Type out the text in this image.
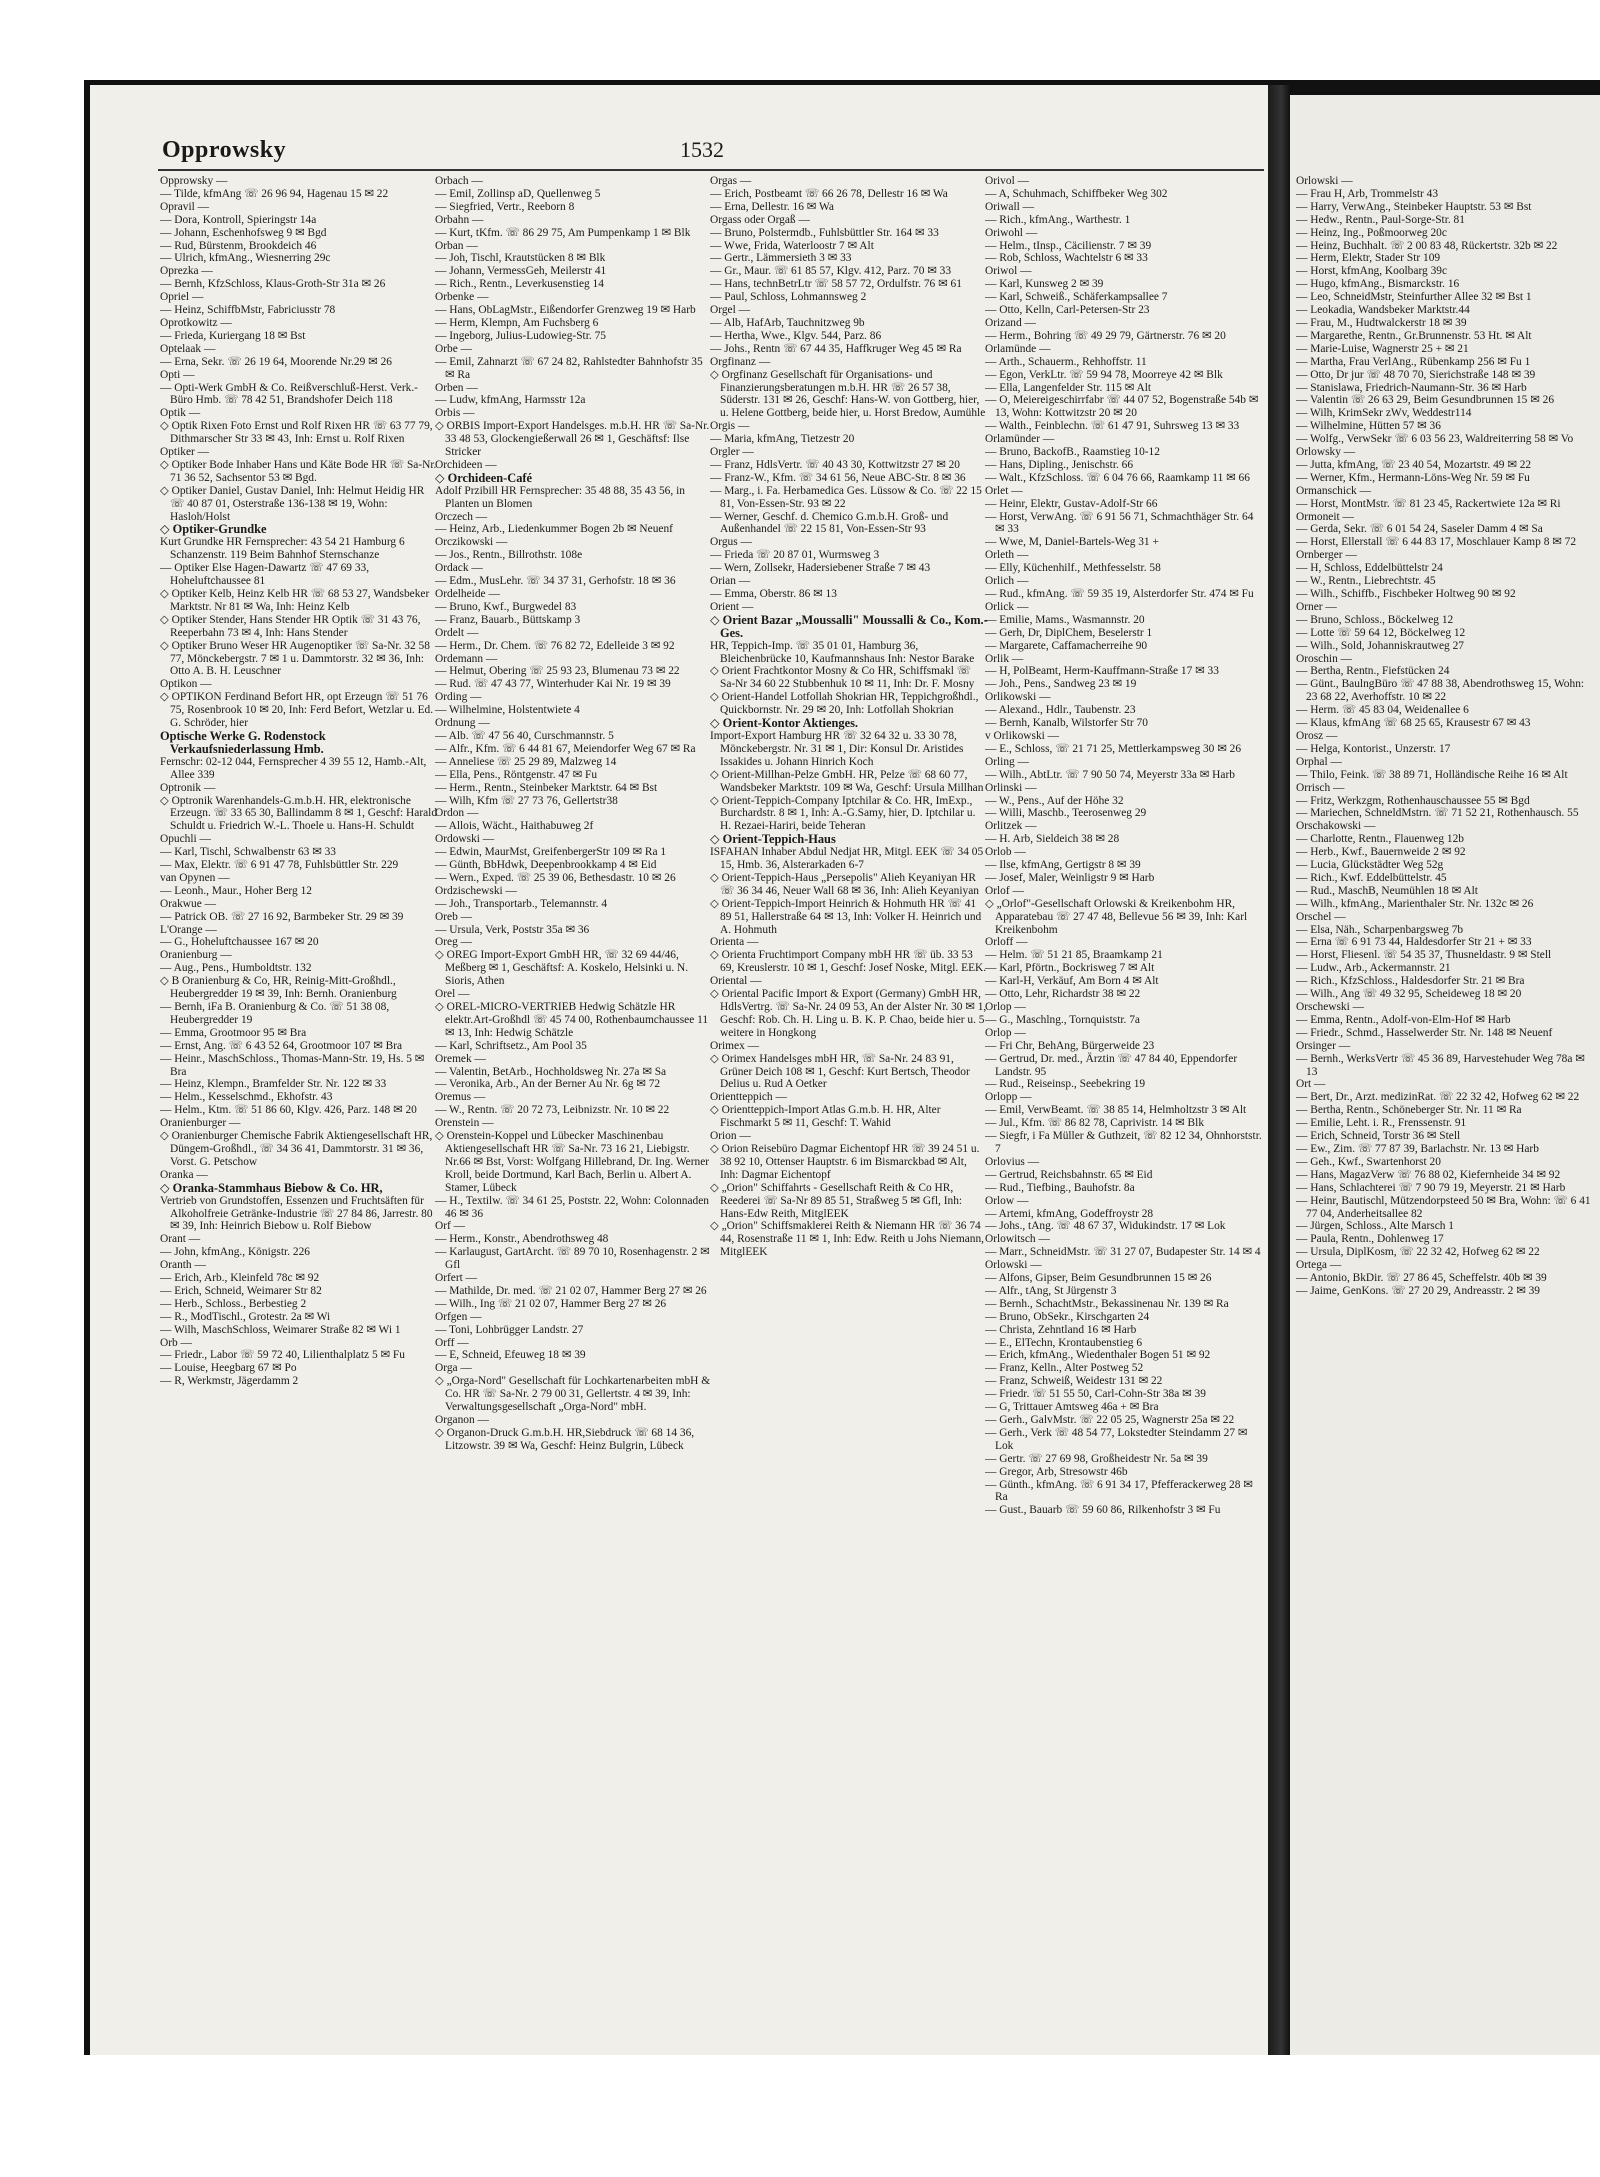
Opprowsky	1532

Opprowsky —

— Tilde, kfmAng ☏ 26 96 94, Hagenau 15 ✉ 22

Opravil —

— Dora, Kontroll, Spieringstr 14a

— Johann, Eschenhofsweg 9 ✉ Bgd

— Rud, Bürstenm, Brookdeich 46

— Ulrich, kfmAng., Wiesnerring 29c

Oprezka —

— Bernh, KfzSchloss, Klaus-Groth-Str 31a ✉ 26

Opriel —

— Heinz, SchiffbMstr, Fabriciusstr 78

Oprotkowitz —

— Frieda, Kuriergang 18 ✉ Bst

Optelaak —

— Erna, Sekr. ☏ 26 19 64, Moorende Nr.29 ✉ 26

Opti —

— Opti-Werk GmbH & Co. Reißverschluß-Herst. Verk.-Büro Hmb. ☏ 78 42 51, Brandshofer Deich 118

Optik —

◇ Optik Rixen Foto Ernst und Rolf Rixen HR ☏ 63 77 79, Dithmarscher Str 33 ✉ 43, Inh: Ernst u. Rolf Rixen

Optiker —

◇ Optiker Bode Inhaber Hans und Käte Bode HR ☏ Sa-Nr. 71 36 52, Sachsentor 53 ✉ Bgd.

◇ Optiker Daniel, Gustav Daniel, Inh: Helmut Heidig HR ☏ 40 87 01, Osterstraße 136-138 ✉ 19, Wohn: Hasloh/Holst

◇ Optiker-Grundke

Kurt Grundke HR Fernsprecher: 43 54 21 Hamburg 6 Schanzenstr. 119 Beim Bahnhof Sternschanze

— Optiker Else Hagen-Dawartz ☏ 47 69 33, Hoheluftchaussee 81

◇ Optiker Kelb, Heinz Kelb HR ☏ 68 53 27, Wandsbeker Marktstr. Nr 81 ✉ Wa, Inh: Heinz Kelb

◇ Optiker Stender, Hans Stender HR Optik ☏ 31 43 76, Reeperbahn 73 ✉ 4, Inh: Hans Stender

◇ Optiker Bruno Weser HR Augenoptiker ☏ Sa-Nr. 32 58 77, Mönckebergstr. 7 ✉ 1 u. Dammtorstr. 32 ✉ 36, Inh: Otto A. B. H. Leuschner

Optikon —

◇ OPTIKON Ferdinand Befort HR, opt Erzeugn ☏ 51 76 75, Rosenbrook 10 ✉ 20, Inh: Ferd Befort, Wetzlar u. Ed. G. Schröder, hier

Optische Werke G. Rodenstock Verkaufsniederlassung Hmb.

Fernschr: 02-12 044, Fernsprecher 4 39 55 12, Hamb.-Alt, Allee 339

Optronik —

◇ Optronik Warenhandels-G.m.b.H. HR, elektronische Erzeugn. ☏ 33 65 30, Ballindamm 8 ✉ 1, Geschf: Harald Schuldt u. Friedrich W.-L. Thoele u. Hans-H. Schuldt

Opuchli —

— Karl, Tischl, Schwalbenstr 63 ✉ 33

— Max, Elektr. ☏ 6 91 47 78, Fuhlsbüttler Str. 229

van Opynen —

— Leonh., Maur., Hoher Berg 12

Orakwue —

— Patrick OB. ☏ 27 16 92, Barmbeker Str. 29 ✉ 39

L'Orange —

— G., Hoheluftchaussee 167 ✉ 20

Oranienburg —

— Aug., Pens., Humboldtstr. 132

◇ B Oranienburg & Co, HR, Reinig-Mitt-Großhdl., Heubergredder 19 ✉ 39, Inh: Bernh. Oranienburg

— Bernh, iFa B. Oranienburg & Co. ☏ 51 38 08, Heubergredder 19

— Emma, Grootmoor 95 ✉ Bra

— Ernst, Ang. ☏ 6 43 52 64, Grootmoor 107 ✉ Bra

— Heinr., MaschSchloss., Thomas-Mann-Str. 19, Hs. 5 ✉ Bra

— Heinz, Klempn., Bramfelder Str. Nr. 122 ✉ 33

— Helm., Kesselschmd., Ekhofstr. 43

— Helm., Ktm. ☏ 51 86 60, Klgv. 426, Parz. 148 ✉ 20

Oranienburger —

◇ Oranienburger Chemische Fabrik Aktiengesellschaft HR, Düngem-Großhdl., ☏ 34 36 41, Dammtorstr. 31 ✉ 36, Vorst. G. Petschow

Oranka —

◇ Oranka-Stammhaus Biebow & Co. HR,

Vertrieb von Grundstoffen, Essenzen und Fruchtsäften für Alkoholfreie Getränke-Industrie ☏ 27 84 86, Jarrestr. 80 ✉ 39, Inh: Heinrich Biebow u. Rolf Biebow

Orant —

— John, kfmAng., Königstr. 226

Oranth —

— Erich, Arb., Kleinfeld 78c ✉ 92

— Erich, Schneid, Weimarer Str 82

— Herb., Schloss., Berbestieg 2

— R., ModTischl., Grotestr. 2a ✉ Wi

— Wilh, MaschSchloss, Weimarer Straße 82 ✉ Wi 1

Orb —

— Friedr., Labor ☏ 59 72 40, Lilienthalplatz 5 ✉ Fu

— Louise, Heegbarg 67 ✉ Po

— R, Werkmstr, Jägerdamm 2

Orbach —

— Emil, Zollinsp aD, Quellenweg 5

— Siegfried, Vertr., Reeborn 8

Orbahn —

— Kurt, tKfm. ☏ 86 29 75, Am Pumpenkamp 1 ✉ Blk

Orban —

— Joh, Tischl, Krautstücken 8 ✉ Blk

— Johann, VermessGeh, Meilerstr 41

— Rich., Rentn., Leverkusenstieg 14

Orbenke —

— Hans, ObLagMstr., Eißendorfer Grenzweg 19 ✉ Harb

— Herm, Klempn, Am Fuchsberg 6

— Ingeborg, Julius-Ludowieg-Str. 75

Orbe —

— Emil, Zahnarzt ☏ 67 24 82, Rahlstedter Bahnhofstr 35 ✉ Ra

Orben —

— Ludw, kfmAng, Harmsstr 12a

Orbis —

◇ ORBIS Import-Export Handelsges. m.b.H. HR ☏ Sa-Nr. 33 48 53, Glockengießerwall 26 ✉ 1, Geschäftsf: Ilse Stricker

Orchideen —

◇ Orchideen-Café

Adolf Przibill HR Fernsprecher: 35 48 88, 35 43 56, in Planten un Blomen

Orczech —

— Heinz, Arb., Liedenkummer Bogen 2b ✉ Neuenf

Orczikowski —

— Jos., Rentn., Billrothstr. 108e

Ordack —

— Edm., MusLehr. ☏ 34 37 31, Gerhofstr. 18 ✉ 36

Ordelheide —

— Bruno, Kwf., Burgwedel 83

— Franz, Bauarb., Büttskamp 3

Ordelt —

— Herm., Dr. Chem. ☏ 76 82 72, Edelleide 3 ✉ 92

Ordemann —

— Helmut, Obering ☏ 25 93 23, Blumenau 73 ✉ 22

— Rud. ☏ 47 43 77, Winterhuder Kai Nr. 19 ✉ 39

Ording —

— Wilhelmine, Holstentwiete 4

Ordnung —

— Alb. ☏ 47 56 40, Curschmannstr. 5

— Alfr., Kfm. ☏ 6 44 81 67, Meiendorfer Weg 67 ✉ Ra

— Anneliese ☏ 25 29 89, Malzweg 14

— Ella, Pens., Röntgenstr. 47 ✉ Fu

— Herm., Rentn., Steinbeker Marktstr. 64 ✉ Bst

— Wilh, Kfm ☏ 27 73 76, Gellertstr38

Ordon —

— Allois, Wächt., Haithabuweg 2f

Ordowski —

— Edwin, MaurMst, GreifenbergerStr 109 ✉ Ra 1

— Günth, BbHdwk, Deepenbrookkamp 4 ✉ Eid

— Wern., Exped. ☏ 25 39 06, Bethesdastr. 10 ✉ 26

Ordzischewski —

— Joh., Transportarb., Telemannstr. 4

Oreb —

— Ursula, Verk, Poststr 35a ✉ 36

Oreg —

◇ OREG Import-Export GmbH HR, ☏ 32 69 44/46, Meßberg ✉ 1, Geschäftsf: A. Koskelo, Helsinki u. N. Sioris, Athen

Orel —

◇ OREL-MICRO-VERTRIEB Hedwig Schätzle HR elektr.Art-Großhdl ☏ 45 74 00, Rothenbaumchaussee 11 ✉ 13, Inh: Hedwig Schätzle

— Karl, Schriftsetz., Am Pool 35

Oremek —

— Valentin, BetArb., Hochholdsweg Nr. 27a ✉ Sa

— Veronika, Arb., An der Berner Au Nr. 6g ✉ 72

Oremus —

— W., Rentn. ☏ 20 72 73, Leibnizstr. Nr. 10 ✉ 22

Orenstein —

◇ Orenstein-Koppel und Lübecker Maschinenbau Aktiengesellschaft HR ☏ Sa-Nr. 73 16 21, Liebigstr. Nr.66 ✉ Bst, Vorst: Wolfgang Hillebrand, Dr. Ing. Werner Kroll, beide Dortmund, Karl Bach, Berlin u. Albert A. Stamer, Lübeck

— H., Textilw. ☏ 34 61 25, Poststr. 22, Wohn: Colonnaden 46 ✉ 36

Orf —

— Herm., Konstr., Abendrothsweg 48

— Karlaugust, GartArcht. ☏ 89 70 10, Rosenhagenstr. 2 ✉ Gfl

Orfert —

— Mathilde, Dr. med. ☏ 21 02 07, Hammer Berg 27 ✉ 26

— Wilh., Ing ☏ 21 02 07, Hammer Berg 27 ✉ 26

Orfgen —

— Toni, Lohbrügger Landstr. 27

Orff —

— E, Schneid, Efeuweg 18 ✉ 39

Orga —

◇ „Orga-Nord" Gesellschaft für Lochkartenarbeiten mbH & Co. HR ☏ Sa-Nr. 2 79 00 31, Gellertstr. 4 ✉ 39, Inh: Verwaltungsgesellschaft „Orga-Nord" mbH.

Organon —

◇ Organon-Druck G.m.b.H. HR,Siebdruck ☏ 68 14 36, Litzowstr. 39 ✉ Wa, Geschf: Heinz Bulgrin, Lübeck

Orgas —

— Erich, Postbeamt ☏ 66 26 78, Dellestr 16 ✉ Wa

— Erna, Dellestr. 16 ✉ Wa

Orgass oder Orgaß —

— Bruno, Polstermdb., Fuhlsbüttler Str. 164 ✉ 33

— Wwe, Frida, Waterloostr 7 ✉ Alt

— Gertr., Lämmersieth 3 ✉ 33

— Gr., Maur. ☏ 61 85 57, Klgv. 412, Parz. 70 ✉ 33

— Hans, technBetrLtr ☏ 58 57 72, Ordulfstr. 76 ✉ 61

— Paul, Schloss, Lohmannsweg 2

Orgel —

— Alb, HafArb, Tauchnitzweg 9b

— Hertha, Wwe., Klgv. 544, Parz. 86

— Johs., Rentn ☏ 67 44 35, Haffkruger Weg 45 ✉ Ra

Orgfinanz —

◇ Orgfinanz Gesellschaft für Organisations- und Finanzierungsberatungen m.b.H. HR ☏ 26 57 38, Süderstr. 131 ✉ 26, Geschf: Hans-W. von Gottberg, hier, u. Helene Gottberg, beide hier, u. Horst Bredow, Aumühle

Orgis —

— Maria, kfmAng, Tietzestr 20

Orgler —

— Franz, HdlsVertr. ☏ 40 43 30, Kottwitzstr 27 ✉ 20

— Franz-W., Kfm. ☏ 34 61 56, Neue ABC-Str. 8 ✉ 36

— Marg., i. Fa. Herbamedica Ges. Lüssow & Co. ☏ 22 15 81, Von-Essen-Str. 93 ✉ 22

— Werner, Geschf. d. Chemico G.m.b.H. Groß- und Außenhandel ☏ 22 15 81, Von-Essen-Str 93

Orgus —

— Frieda ☏ 20 87 01, Wurmsweg 3

— Wern, Zollsekr, Hadersiebener Straße 7 ✉ 43

Orian —

— Emma, Oberstr. 86 ✉ 13

Orient —

◇ Orient Bazar „Moussalli" Moussalli & Co., Kom.-Ges.

HR, Teppich-Imp. ☏ 35 01 01, Hamburg 36, Bleichenbrücke 10, Kaufmannshaus Inh: Nestor Barake

◇ Orient Frachtkontor Mosny & Co HR, Schiffsmakl ☏ Sa-Nr 34 60 22 Stubbenhuk 10 ✉ 11, Inh: Dr. F. Mosny

◇ Orient-Handel Lotfollah Shokrian HR, Teppichgroßhdl., Quickbornstr. Nr. 29 ✉ 20, Inh: Lotfollah Shokrian

◇ Orient-Kontor Aktienges.

Import-Export Hamburg HR ☏ 32 64 32 u. 33 30 78, Mönckebergstr. Nr. 31 ✉ 1, Dir: Konsul Dr. Aristides Issakides u. Johann Hinrich Koch

◇ Orient-Millhan-Pelze GmbH. HR, Pelze ☏ 68 60 77, Wandsbeker Marktstr. 109 ✉ Wa, Geschf: Ursula Millhan

◇ Orient-Teppich-Company Iptchilar & Co. HR, ImExp., Burchardstr. 8 ✉ 1, Inh: A.-G.Samy, hier, D. Iptchilar u. H. Rezaei-Hariri, beide Teheran

◇ Orient-Teppich-Haus

ISFAHAN Inhaber Abdul Nedjat HR, Mitgl. EEK ☏ 34 05 15, Hmb. 36, Alsterarkaden 6-7

◇ Orient-Teppich-Haus „Persepolis" Alieh Keyaniyan HR ☏ 36 34 46, Neuer Wall 68 ✉ 36, Inh: Alieh Keyaniyan

◇ Orient-Teppich-Import Heinrich & Hohmuth HR ☏ 41 89 51, Hallerstraße 64 ✉ 13, Inh: Volker H. Heinrich und A. Hohmuth

Orienta —

◇ Orienta Fruchtimport Company mbH HR ☏ üb. 33 53 69, Kreuslerstr. 10 ✉ 1, Geschf: Josef Noske, Mitgl. EEK.

Oriental —

◇ Oriental Pacific Import & Export (Germany) GmbH HR, HdlsVertrg. ☏ Sa-Nr. 24 09 53, An der Alster Nr. 30 ✉ 1, Geschf: Rob. Ch. H. Ling u. B. K. P. Chao, beide hier u. 5 weitere in Hongkong

Orimex —

◇ Orimex Handelsges mbH HR, ☏ Sa-Nr. 24 83 91, Grüner Deich 108 ✉ 1, Geschf: Kurt Bertsch, Theodor Delius u. Rud A Oetker

Orientteppich —

◇ Orientteppich-Import Atlas G.m.b. H. HR, Alter Fischmarkt 5 ✉ 11, Geschf: T. Wahid

Orion —

◇ Orion Reisebüro Dagmar Eichentopf HR ☏ 39 24 51 u. 38 92 10, Ottenser Hauptstr. 6 im Bismarckbad ✉ Alt, Inh: Dagmar Eichentopf

◇ „Orion" Schiffahrts - Gesellschaft Reith & Co HR, Reederei ☏ Sa-Nr 89 85 51, Straßweg 5 ✉ Gfl, Inh: Hans-Edw Reith, MitglEEK

◇ „Orion" Schiffsmaklerei Reith & Niemann HR ☏ 36 74 44, Rosenstraße 11 ✉ 1, Inh: Edw. Reith u Johs Niemann, MitglEEK

Orivol —

— A, Schuhmach, Schiffbeker Weg 302

Oriwall —

— Rich., kfmAng., Warthestr. 1

Oriwohl —

— Helm., tInsp., Cäcilienstr. 7 ✉ 39

— Rob, Schloss, Wachtelstr 6 ✉ 33

Oriwol —

— Karl, Kunsweg 2 ✉ 39

— Karl, Schweiß., Schäferkampsallee 7

— Otto, Kelln, Carl-Petersen-Str 23

Orizand —

— Herm., Bohring ☏ 49 29 79, Gärtnerstr. 76 ✉ 20

Orlamünde —

— Arth., Schauerm., Rehhoffstr. 11

— Egon, VerkLtr. ☏ 59 94 78, Moorreye 42 ✉ Blk

— Ella, Langenfelder Str. 115 ✉ Alt

— O, Meiereigeschirrfabr ☏ 44 07 52, Bogenstraße 54b ✉ 13, Wohn: Kottwitzstr 20 ✉ 20

— Walth., Feinblechn. ☏ 61 47 91, Suhrsweg 13 ✉ 33

Orlamünder —

— Bruno, BackofB., Raamstieg 10-12

— Hans, Dipling., Jenischstr. 66

— Walt., KfzSchloss. ☏ 6 04 76 66, Raamkamp 11 ✉ 66

Orlet —

— Heinr, Elektr, Gustav-Adolf-Str 66

— Horst, VerwAng. ☏ 6 91 56 71, Schmachthäger Str. 64 ✉ 33

— Wwe, M, Daniel-Bartels-Weg 31 +

Orleth —

— Elly, Küchenhilf., Methfesselstr. 58

Orlich —

— Rud., kfmAng. ☏ 59 35 19, Alsterdorfer Str. 474 ✉ Fu

Orlick —

— Emilie, Mams., Wasmannstr. 20

— Gerh, Dr, DiplChem, Beselerstr 1

— Margarete, Caffamacherreihe 90

Orlik —

— H, PolBeamt, Herm-Kauffmann-Straße 17 ✉ 33

— Joh., Pens., Sandweg 23 ✉ 19

Orlikowski —

— Alexand., Hdlr., Taubenstr. 23

— Bernh, Kanalb, Wilstorfer Str 70

v Orlikowski —

— E., Schloss, ☏ 21 71 25, Mettlerkampsweg 30 ✉ 26

Orling —

— Wilh., AbtLtr. ☏ 7 90 50 74, Meyerstr 33a ✉ Harb

Orlinski —

— W., Pens., Auf der Höhe 32

— Willi, Maschb., Teerosenweg 29

Orlitzek —

— H. Arb, Sieldeich 38 ✉ 28

Orlob —

— Ilse, kfmAng, Gertigstr 8 ✉ 39

— Josef, Maler, Weinligstr 9 ✉ Harb

Orlof —

◇ „Orlof"-Gesellschaft Orlowski & Kreikenbohm HR, Apparatebau ☏ 27 47 48, Bellevue 56 ✉ 39, Inh: Karl Kreikenbohm

Orloff —

— Helm. ☏ 51 21 85, Braamkamp 21

— Karl, Pförtn., Bockrisweg 7 ✉ Alt

— Karl-H, Verkäuf, Am Born 4 ✉ Alt

— Otto, Lehr, Richardstr 38 ✉ 22

Orlop —

— G., Maschlng., Tornquiststr. 7a

Orlop —

— Fri Chr, BehAng, Bürgerweide 23

— Gertrud, Dr. med., Ärztin ☏ 47 84 40, Eppendorfer Landstr. 95

— Rud., Reiseinsp., Seebekring 19

Orlopp —

— Emil, VerwBeamt. ☏ 38 85 14, Helmholtzstr 3 ✉ Alt

— Jul., Kfm. ☏ 86 82 78, Caprivistr. 14 ✉ Blk

— Siegfr, i Fa Müller & Guthzeit, ☏ 82 12 34, Ohnhorststr. 7

Orlovius —

— Gertrud, Reichsbahnstr. 65 ✉ Eid

— Rud., Tiefbing., Bauhofstr. 8a

Orlow —

— Artemi, kfmAng, Godeffroystr 28

— Johs., tAng. ☏ 48 67 37, Widukindstr. 17 ✉ Lok

Orlowitsch —

— Marr., SchneidMstr. ☏ 31 27 07, Budapester Str. 14 ✉ 4

Orlowski —

— Alfons, Gipser, Beim Gesundbrunnen 15 ✉ 26

— Alfr., tAng, St Jürgenstr 3

— Bernh., SchachtMstr., Bekassinenau Nr. 139 ✉ Ra

— Bruno, ObSekr., Kirschgarten 24

— Christa, Zehntland 16 ✉ Harb

— E., ElTechn, Krontaubenstieg 6

— Erich, kfmAng., Wiedenthaler Bogen 51 ✉ 92

— Franz, Kelln., Alter Postweg 52

— Franz, Schweiß, Weidestr 131 ✉ 22

— Friedr. ☏ 51 55 50, Carl-Cohn-Str 38a ✉ 39

— G, Trittauer Amtsweg 46a + ✉ Bra

— Gerh., GalvMstr. ☏ 22 05 25, Wagnerstr 25a ✉ 22

— Gerh., Verk ☏ 48 54 77, Lokstedter Steindamm 27 ✉ Lok

— Gertr. ☏ 27 69 98, Großheidestr Nr. 5a ✉ 39

— Gregor, Arb, Stresowstr 46b

— Günth., kfmAng. ☏ 6 91 34 17, Pfefferackerweg 28 ✉ Ra

— Gust., Bauarb ☏ 59 60 86, Rilkenhofstr 3 ✉ Fu

Orlowski —

— Frau H, Arb, Trommelstr 43

— Harry, VerwAng., Steinbeker Hauptstr. 53 ✉ Bst

— Hedw., Rentn., Paul-Sorge-Str. 81

— Heinz, Ing., Poßmoorweg 20c

— Heinz, Buchhalt. ☏ 2 00 83 48, Rückertstr. 32b ✉ 22

— Herm, Elektr, Stader Str 109

— Horst, kfmAng, Koolbarg 39c

— Hugo, kfmAng., Bismarckstr. 16

— Leo, SchneidMstr, Steinfurther Allee 32 ✉ Bst 1

— Leokadia, Wandsbeker Marktstr.44

— Frau, M., Hudtwalckerstr 18 ✉ 39

— Margarethe, Rentn., Gr.Brunnenstr. 53 Ht. ✉ Alt

— Marie-Luise, Wagnerstr 25 + ✉ 21

— Martha, Frau VerlAng., Rübenkamp 256 ✉ Fu 1

— Otto, Dr jur ☏ 48 70 70, Sierichstraße 148 ✉ 39

— Stanislawa, Friedrich-Naumann-Str. 36 ✉ Harb

— Valentin ☏ 26 63 29, Beim Gesundbrunnen 15 ✉ 26

— Wilh, KrimSekr zWv, Weddestr114

— Wilhelmine, Hütten 57 ✉ 36

— Wolfg., VerwSekr ☏ 6 03 56 23, Waldreiterring 58 ✉ Vo

Orlowsky —

— Jutta, kfmAng, ☏ 23 40 54, Mozartstr. 49 ✉ 22

— Werner, Kfm., Hermann-Löns-Weg Nr. 59 ✉ Fu

Ormanschick —

— Horst, MontMstr. ☏ 81 23 45, Rackertwiete 12a ✉ Ri

Ormoneit —

— Gerda, Sekr. ☏ 6 01 54 24, Saseler Damm 4 ✉ Sa

— Horst, Ellerstall ☏ 6 44 83 17, Moschlauer Kamp 8 ✉ 72

Ornberger —

— H, Schloss, Eddelbüttelstr 24

— W., Rentn., Liebrechtstr. 45

— Wilh., Schiffb., Fischbeker Holtweg 90 ✉ 92

Orner —

— Bruno, Schloss., Böckelweg 12

— Lotte ☏ 59 64 12, Böckelweg 12

— Wilh., Sold, Johanniskrautweg 27

Oroschin —

— Bertha, Rentn., Fiefstücken 24

— Günt., BaulngBüro ☏ 47 88 38, Abendrothsweg 15, Wohn: 23 68 22, Averhoffstr. 10 ✉ 22

— Herm. ☏ 45 83 04, Weidenallee 6

— Klaus, kfmAng ☏ 68 25 65, Krausestr 67 ✉ 43

Orosz —

— Helga, Kontorist., Unzerstr. 17

Orphal —

— Thilo, Feink. ☏ 38 89 71, Holländische Reihe 16 ✉ Alt

Orrisch —

— Fritz, Werkzgm, Rothenhauschaussee 55 ✉ Bgd

— Mariechen, SchneldMstrn. ☏ 71 52 21, Rothenhausch. 55

Orschakowski —

— Charlotte, Rentn., Flauenweg 12b

— Herb., Kwf., Bauernweide 2 ✉ 92

— Lucia, Glückstädter Weg 52g

— Rich., Kwf. Eddelbüttelstr. 45

— Rud., MaschB, Neumühlen 18 ✉ Alt

— Wilh., kfmAng., Marienthaler Str. Nr. 132c ✉ 26

Orschel —

— Elsa, Näh., Scharpenbargsweg 7b

— Erna ☏ 6 91 73 44, Haldesdorfer Str 21 + ✉ 33

— Horst, Fliesenl. ☏ 54 35 37, Thusneldastr. 9 ✉ Stell

— Ludw., Arb., Ackermannstr. 21

— Rich., KfzSchloss., Haldesdorfer Str. 21 ✉ Bra

— Wilh., Ang ☏ 49 32 95, Scheideweg 18 ✉ 20

Orschewski —

— Emma, Rentn., Adolf-von-Elm-Hof ✉ Harb

— Friedr., Schmd., Hasselwerder Str. Nr. 148 ✉ Neuenf

Orsinger —

— Bernh., WerksVertr ☏ 45 36 89, Harvestehuder Weg 78a ✉ 13

Ort —

— Bert, Dr., Arzt. medizinRat. ☏ 22 32 42, Hofweg 62 ✉ 22

— Bertha, Rentn., Schöneberger Str. Nr. 11 ✉ Ra

— Emilie, Leht. i. R., Frenssenstr. 91

— Erich, Schneid, Torstr 36 ✉ Stell

— Ew., Zim. ☏ 77 87 39, Barlachstr. Nr. 13 ✉ Harb

— Geh., Kwf., Swartenhorst 20

— Hans, MagazVerw ☏ 76 88 02, Kiefernheide 34 ✉ 92

— Hans, Schlachterei ☏ 7 90 79 19, Meyerstr. 21 ✉ Harb

— Heinr, Bautischl, Mützendorpsteed 50 ✉ Bra, Wohn: ☏ 6 41 77 04, Anderheitsallee 82

— Jürgen, Schloss., Alte Marsch 1

— Paula, Rentn., Dohlenweg 17

— Ursula, DiplKosm, ☏ 22 32 42, Hofweg 62 ✉ 22

Ortega —

— Antonio, BkDir. ☏ 27 86 45, Scheffelstr. 40b ✉ 39

— Jaime, GenKons. ☏ 27 20 29, Andreasstr. 2 ✉ 39
